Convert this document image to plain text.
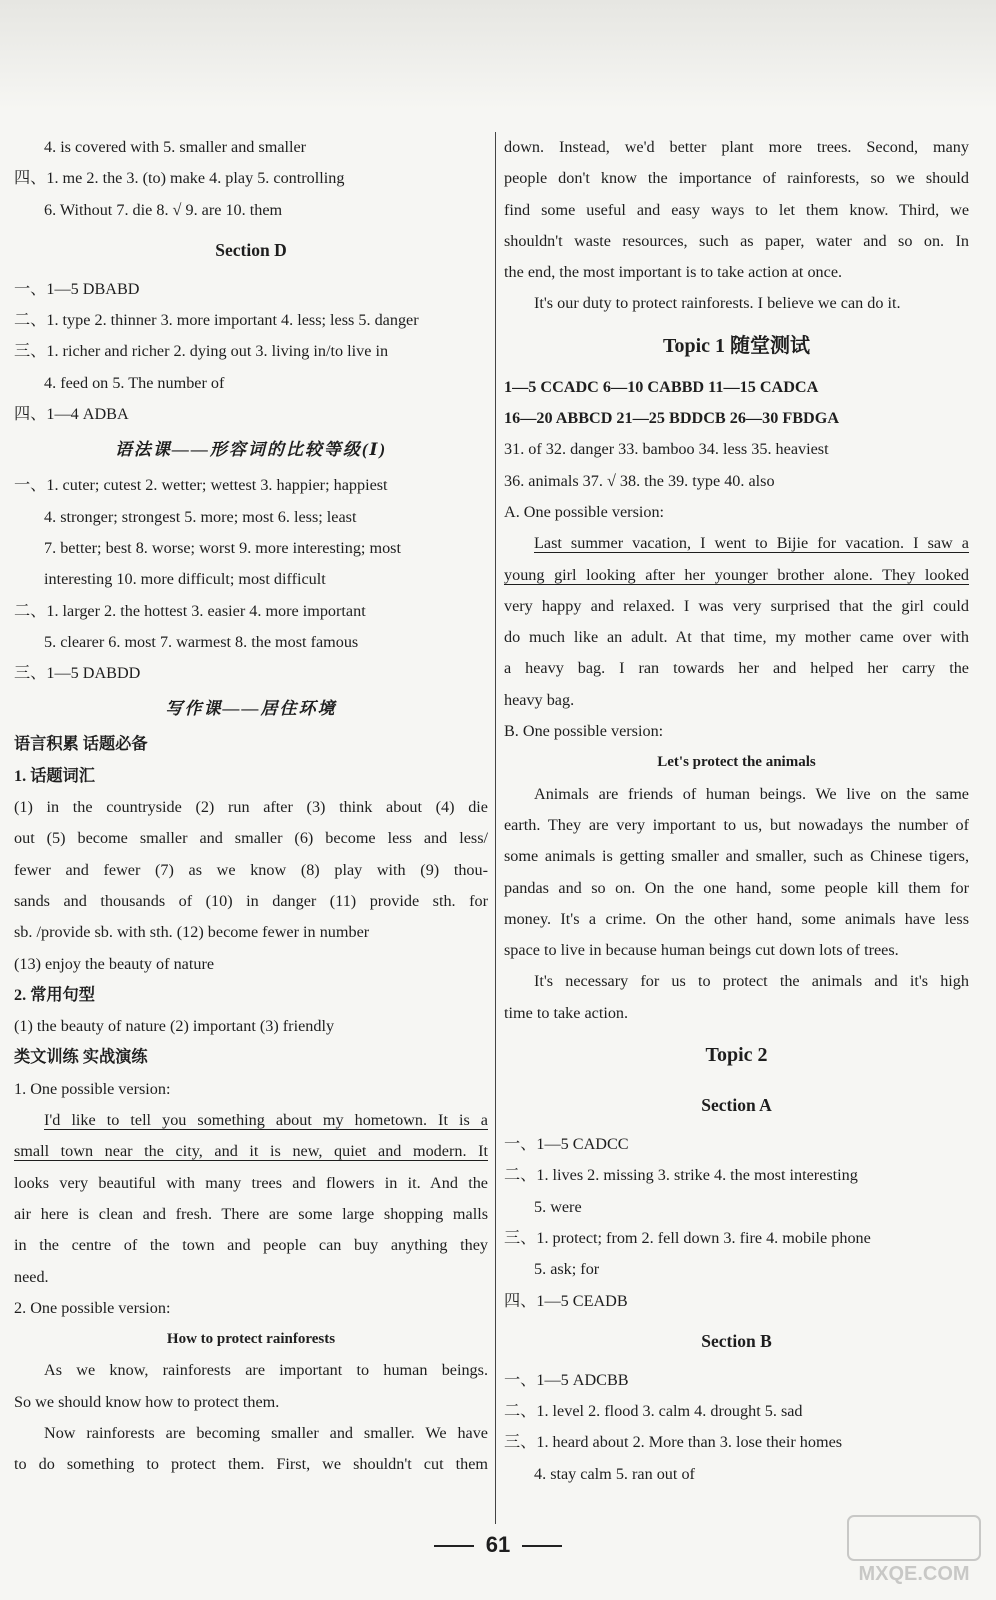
4. is covered with 5. smaller and smaller
四、1. me 2. the 3. (to) make 4. play 5. controlling
6. Without 7. die 8. √ 9. are 10. them
Section D
一、1—5 DBABD
二、1. type 2. thinner 3. more important 4. less; less 5. danger
三、1. richer and richer 2. dying out 3. living in/to live in
4. feed on 5. The number of
四、1—4 ADBA
语法课——形容词的比较等级(Ⅰ)
一、1. cuter; cutest 2. wetter; wettest 3. happier; happiest
4. stronger; strongest 5. more; most 6. less; least
7. better; best 8. worse; worst 9. more interesting; most
interesting 10. more difficult; most difficult
二、1. larger 2. the hottest 3. easier 4. more important
5. clearer 6. most 7. warmest 8. the most famous
三、1—5 DABDD
写作课——居住环境
语言积累 话题必备
1. 话题词汇
(1) in the countryside (2) run after (3) think about (4) die
out (5) become smaller and smaller (6) become less and less/
fewer and fewer (7) as we know (8) play with (9) thou-
sands and thousands of (10) in danger (11) provide sth. for
sb. /provide sb. with sth. (12) become fewer in number
(13) enjoy the beauty of nature
2. 常用句型
(1) the beauty of nature (2) important (3) friendly
类文训练 实战演练
1. One possible version:
I'd like to tell you something about my hometown. It is a
small town near the city, and it is new, quiet and modern. It
looks very beautiful with many trees and flowers in it. And the
air here is clean and fresh. There are some large shopping malls
in the centre of the town and people can buy anything they
need.
2. One possible version:
How to protect rainforests
As we know, rainforests are important to human beings.
So we should know how to protect them.
Now rainforests are becoming smaller and smaller. We have
to do something to protect them. First, we shouldn't cut them
down. Instead, we'd better plant more trees. Second, many
people don't know the importance of rainforests, so we should
find some useful and easy ways to let them know. Third, we
shouldn't waste resources, such as paper, water and so on. In
the end, the most important is to take action at once.
It's our duty to protect rainforests. I believe we can do it.
Topic 1 随堂测试
1—5 CCADC 6—10 CABBD 11—15 CADCA
16—20 ABBCD 21—25 BDDCB 26—30 FBDGA
31. of 32. danger 33. bamboo 34. less 35. heaviest
36. animals 37. √ 38. the 39. type 40. also
A. One possible version:
Last summer vacation, I went to Bijie for vacation. I saw a
young girl looking after her younger brother alone. They looked
very happy and relaxed. I was very surprised that the girl could
do much like an adult. At that time, my mother came over with
a heavy bag. I ran towards her and helped her carry the
heavy bag.
B. One possible version:
Let's protect the animals
Animals are friends of human beings. We live on the same
earth. They are very important to us, but nowadays the number of
some animals is getting smaller and smaller, such as Chinese tigers,
pandas and so on. On the one hand, some people kill them for
money. It's a crime. On the other hand, some animals have less
space to live in because human beings cut down lots of trees.
It's necessary for us to protect the animals and it's high
time to take action.
Topic 2
Section A
一、1—5 CADCC
二、1. lives 2. missing 3. strike 4. the most interesting
5. were
三、1. protect; from 2. fell down 3. fire 4. mobile phone
5. ask; for
四、1—5 CEADB
Section B
一、1—5 ADCBB
二、1. level 2. flood 3. calm 4. drought 5. sad
三、1. heard about 2. More than 3. lose their homes
4. stay calm 5. ran out of
61
MXQE.COM
